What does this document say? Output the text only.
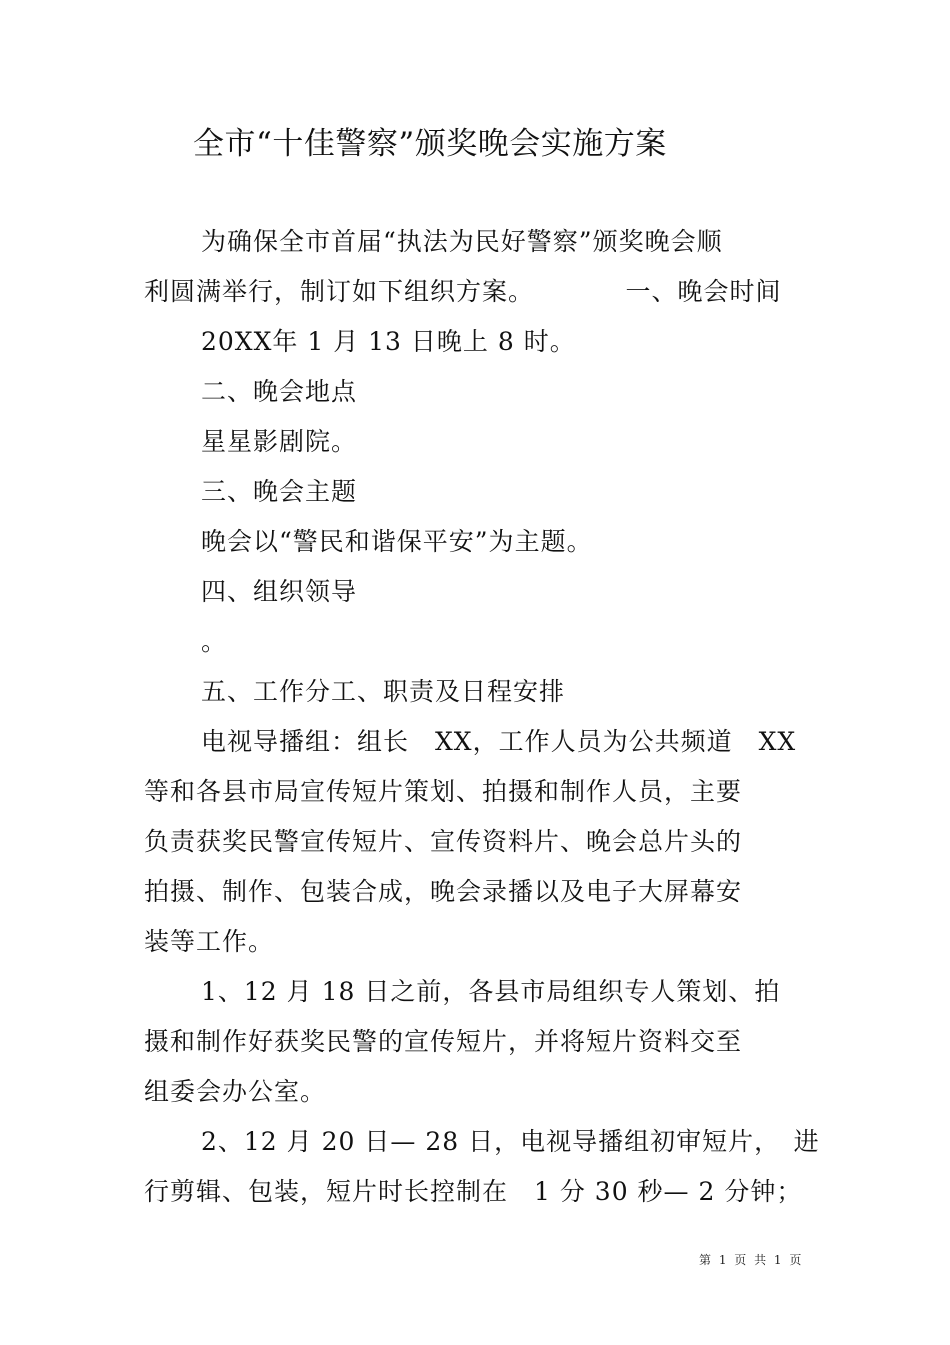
全市“十佳警察”颁奖晚会实施方案
为确保全市首届“执法为民好警察”颁奖晚会顺
利圆满举行，制订如下组织方案。　　　　一、晚会时间
20XX年 1 月 13 日晚上 8 时。
二、晚会地点
星星影剧院。
三、晚会主题
晚会以“警民和谐保平安”为主题。
四、组织领导
。
五、工作分工、职责及日程安排
电视导播组：组长　XX，工作人员为公共频道　XX
等和各县市局宣传短片策划、拍摄和制作人员，主要
负责获奖民警宣传短片、宣传资料片、晚会总片头的
拍摄、制作、包装合成，晚会录播以及电子大屏幕安
装等工作。
1、12 月 18 日之前，各县市局组织专人策划、拍
摄和制作好获奖民警的宣传短片，并将短片资料交至
组委会办公室。
2、12 月 20 日— 28 日，电视导播组初审短片，　进
行剪辑、包装，短片时长控制在　1 分 30 秒— 2 分钟；
第 1 页 共 1 页
